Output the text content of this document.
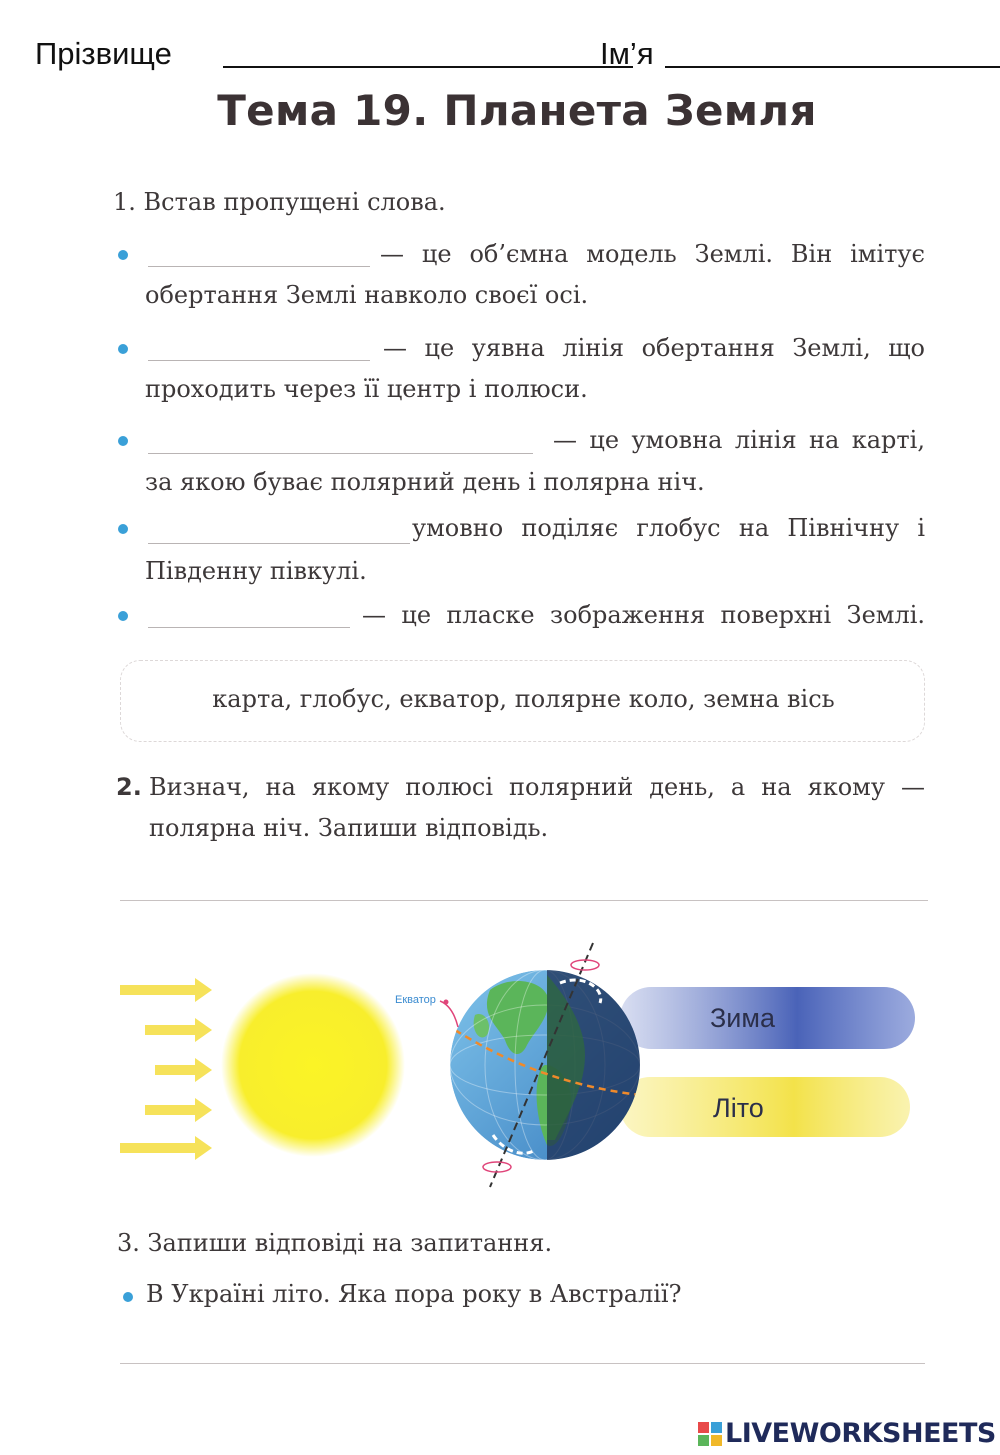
Прізвище	Ім’я
Тема 19. Планета Земля
1. Встав пропущені слова.
— це об’ємна модель Землі. Він імітує
обертання Землі навколо своєї осі.
— це уявна лінія обертання Землі, що
проходить через її центр і полюси.
— це умовна лінія на карті,
за якою буває полярний день і полярна ніч.
умовно поділяє глобус на Північну і
Південну півкулі.
— це пласке зображення поверхні Землі.
карта, глобус, екватор, полярне коло, земна вісь
2. Визнач, на якому полюсі полярний день, а на якому —
полярна ніч. Запиши відповідь.
Екватор
Зима
Літо
3. Запиши відповіді на запитання.
В Україні літо. Яка пора року в Австралії?
LIVEWORKSHEETS
